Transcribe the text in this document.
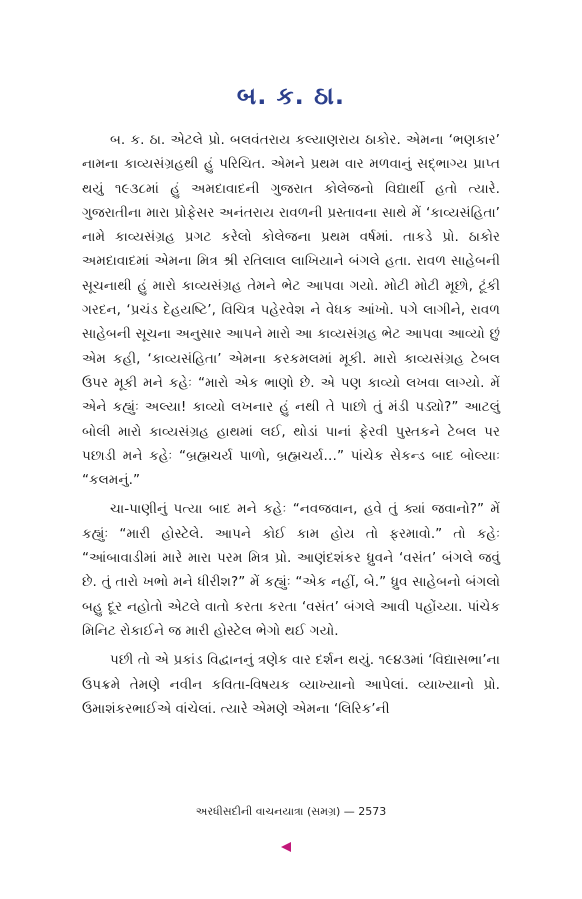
બ. ક. ઠા.

બ. ક. ઠા. એટલે પ્રો. બલવંતરાય કલ્યાણરાય ઠાકોર. એમના ‘ભણકાર’ નામના કાવ્યસંગ્રહથી હું પરિચિત. એમને પ્રથમ વાર મળવાનું સદ્ભાગ્ય પ્રાપ્ત થયું ૧૯૩૮માં હું અમદાવાદની ગુજરાત કોલેજનો વિદ્યાર્થી હતો ત્યારે. ગુજરાતીના મારા પ્રોફેસર અનંતરાય રાવળની પ્રસ્તાવના સાથે મેં ‘કાવ્યસંહિતા’ નામે કાવ્યસંગ્રહ પ્રગટ કરેલો કોલેજના પ્રથમ વર્ષમાં. તાકડે પ્રો. ઠાકોર અમદાવાદમાં એમના મિત્ર શ્રી રતિલાલ લાખિયાને બંગલે હતા. રાવળ સાહેબની સૂચનાથી હું મારો કાવ્યસંગ્રહ તેમને ભેટ આપવા ગયો. મોટી મોટી મૂછો, ટૂંકી ગરદન, ‘પ્રચંડ દેહયષ્ટિ’, વિચિત્ર પહેરવેશ ને વેધક આંખો. પગે લાગીને, રાવળ સાહેબની સૂચના અનુસાર આપને મારો આ કાવ્યસંગ્રહ ભેટ આપવા આવ્યો છું એમ કહી, ‘કાવ્યસંહિતા’ એમના કરકમલમાં મૂકી. મારો કાવ્યસંગ્રહ ટેબલ ઉપર મૂકી મને કહેઃ “મારો એક ભાણો છે. એ પણ કાવ્યો લખવા લાગ્યો. મેં એને કહ્યુંઃ અલ્યા! કાવ્યો લખનાર હું નથી તે પાછો તું મંડી પડ્યો?” આટલું બોલી મારો કાવ્યસંગ્રહ હાથમાં લઈ, થોડાં પાનાં ફેરવી પુસ્તકને ટેબલ પર પછાડી મને કહેઃ “બ્રહ્મચર્ય પાળો, બ્રહ્મચર્ય…” પાંચેક સેકન્ડ બાદ બોલ્યાઃ “કલમનું.”

ચા-પાણીનું પત્યા બાદ મને કહેઃ “નવજવાન, હવે તું ક્યાં જવાનો?” મેં કહ્યુંઃ “મારી હોસ્ટેલે. આપને કોઈ કામ હોય તો ફરમાવો.” તો કહેઃ “આંબાવાડીમાં મારે મારા પરમ મિત્ર પ્રો. આણંદશંકર ધ્રુવને ‘વસંત’ બંગલે જવું છે. તું તારો ખભો મને ધીરીશ?” મેં કહ્યુંઃ “એક નહીં, બે.” ધ્રુવ સાહેબનો બંગલો બહુ દૂર નહોતો એટલે વાતો કરતા કરતા ‘વસંત’ બંગલે આવી પહોંચ્યા. પાંચેક મિનિટ રોકાઈને જ મારી હોસ્ટેલ ભેગો થઈ ગયો.

પછી તો એ પ્રકાંડ વિદ્વાનનું ત્રણેક વાર દર્શન થયું. ૧૯૪૩માં ‘વિદ્યાસભા’ના ઉપક્રમે તેમણે નવીન કવિતા-વિષયક વ્યાખ્યાનો આપેલાં. વ્યાખ્યાનો પ્રો. ઉમાશંકરભાઈએ વાંચેલાં. ત્યારે એમણે એમના ‘લિરિક’ની

અરધીસદીની વાચનયાત્રા (સમગ્ર) — 2573
